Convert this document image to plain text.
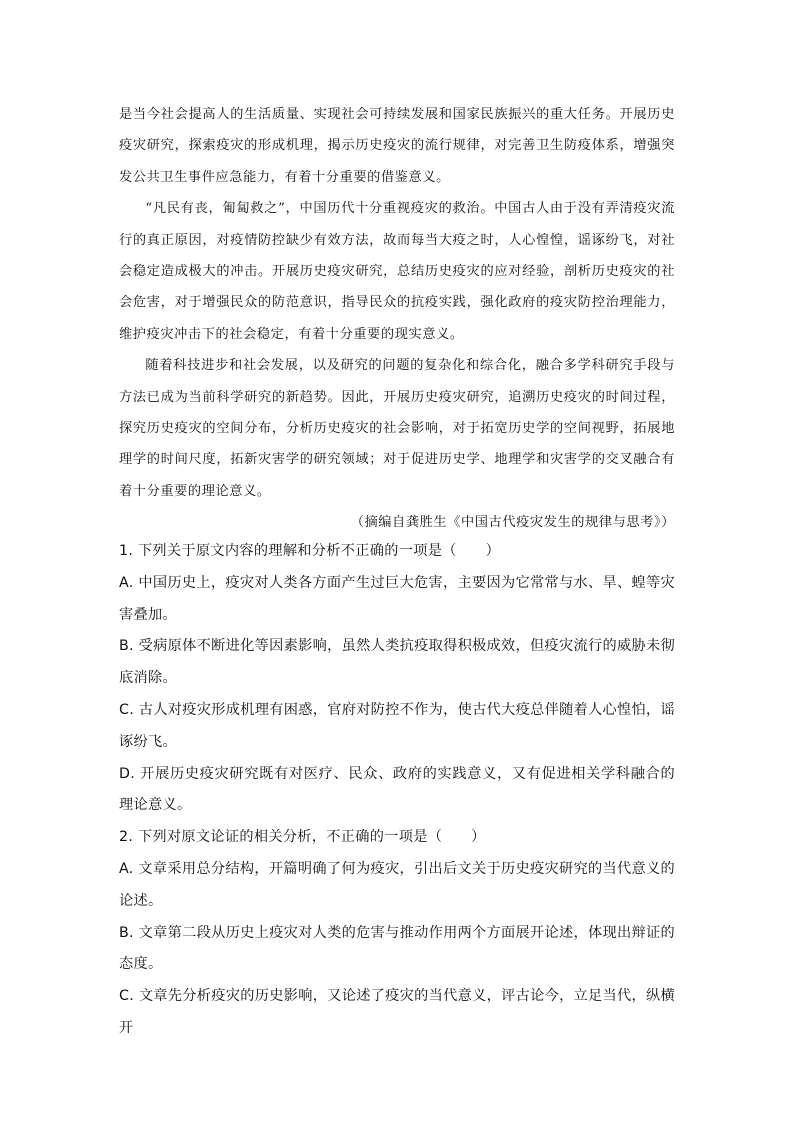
是当今社会提高人的生活质量、实现社会可持续发展和国家民族振兴的重大任务。开展历史疫灾研究，探索疫灾的形成机理，揭示历史疫灾的流行规律，对完善卫生防疫体系，增强突发公共卫生事件应急能力，有着十分重要的借鉴意义。

“凡民有丧，匍匐救之”，中国历代十分重视疫灾的救治。中国古人由于没有弄清疫灾流行的真正原因，对疫情防控缺少有效方法，故而每当大疫之时，人心惶惶，谣诼纷飞，对社会稳定造成极大的冲击。开展历史疫灾研究，总结历史疫灾的应对经验，剖析历史疫灾的社会危害，对于增强民众的防范意识，指导民众的抗疫实践，强化政府的疫灾防控治理能力，维护疫灾冲击下的社会稳定，有着十分重要的现实意义。

随着科技进步和社会发展，以及研究的问题的复杂化和综合化，融合多学科研究手段与方法已成为当前科学研究的新趋势。因此，开展历史疫灾研究，追溯历史疫灾的时间过程，探究历史疫灾的空间分布，分析历史疫灾的社会影响，对于拓宽历史学的空间视野，拓展地理学的时间尺度，拓新灾害学的研究领域；对于促进历史学、地理学和灾害学的交叉融合有着十分重要的理论意义。

（摘编自龚胜生《中国古代疫灾发生的规律与思考》）

1. 下列关于原文内容的理解和分析不正确的一项是（　　）

A. 中国历史上，疫灾对人类各方面产生过巨大危害，主要因为它常常与水、旱、蝗等灾害叠加。

B. 受病原体不断进化等因素影响，虽然人类抗疫取得积极成效，但疫灾流行的威胁未彻底消除。

C. 古人对疫灾形成机理有困惑，官府对防控不作为，使古代大疫总伴随着人心惶怕，谣诼纷飞。

D. 开展历史疫灾研究既有对医疗、民众、政府的实践意义，又有促进相关学科融合的理论意义。

2. 下列对原文论证的相关分析，不正确的一项是（　　）

A. 文章采用总分结构，开篇明确了何为疫灾，引出后文关于历史疫灾研究的当代意义的论述。

B. 文章第二段从历史上疫灾对人类的危害与推动作用两个方面展开论述，体现出辩证的态度。

C. 文章先分析疫灾的历史影响，又论述了疫灾的当代意义，评古论今，立足当代，纵横开
